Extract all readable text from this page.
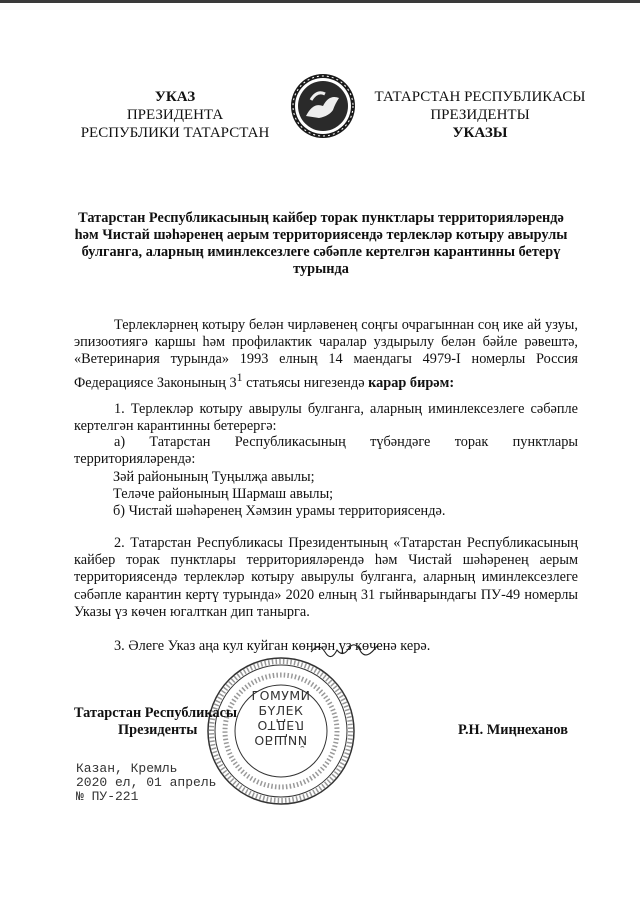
УКАЗ
ПРЕЗИДЕНТА
РЕСПУБЛИКИ ТАТАРСТАН
ТАТАРСТАН РЕСПУБЛИКАСЫ
ПРЕЗИДЕНТЫ
УКАЗЫ
Татарстан Республикасының кайбер торак пунктлары территорияләрендә һәм Чистай шәһәренең аерым территориясендә терлекләр котыру авырулы булганга, аларның иминлексезлеге сәбәпле кертелгән карантинны бетерү турында
Терлекләрнең котыру белән чирләвенең соңгы очрагыннан соң ике ай узуы, эпизоотиягә каршы һәм профилактик чаралар уздырылу белән бәйле рәвештә, «Ветеринария турында» 1993 елның 14 маендагы 4979-I номерлы Россия Федерациясе Законының $3^1$ статьясы нигезендә карар бирәм:
1. Терлекләр котыру авырулы булганга, аларның иминлексезлеге сәбәпле кертелгән карантинны бетерергә:
а) Татарстан Республикасының түбәндәге торак пунктлары территорияләрендә:
Зәй районының Туңылҗа авылы;
Теләче районының Шармаш авылы;
б) Чистай шәһәренең Хәмзин урамы территориясендә.
2. Татарстан Республикасы Президентының «Татарстан Республикасының кайбер торак пунктлары территорияләрендә һәм Чистай шәһәренең аерым территориясендә терлекләр котыру авырулы булганга, аларның иминлексезлеге сәбәпле карантин кертү турында» 2020 елның 31 гыйнварындагы ПУ-49 номерлы Указы үз көчен югалткан дип танырга.
3. Әлеге Указ аңа кул куйган көннән үз көченә керә.
ГОМУМИ
БҮЛЕК
ОТДЕЛ
ОБЩИЙ
Татарстан Республикасы
Президенты	Р.Н. Миңнеханов
Казан, Кремль
2020 ел, 01 апрель
№ ПУ-221
